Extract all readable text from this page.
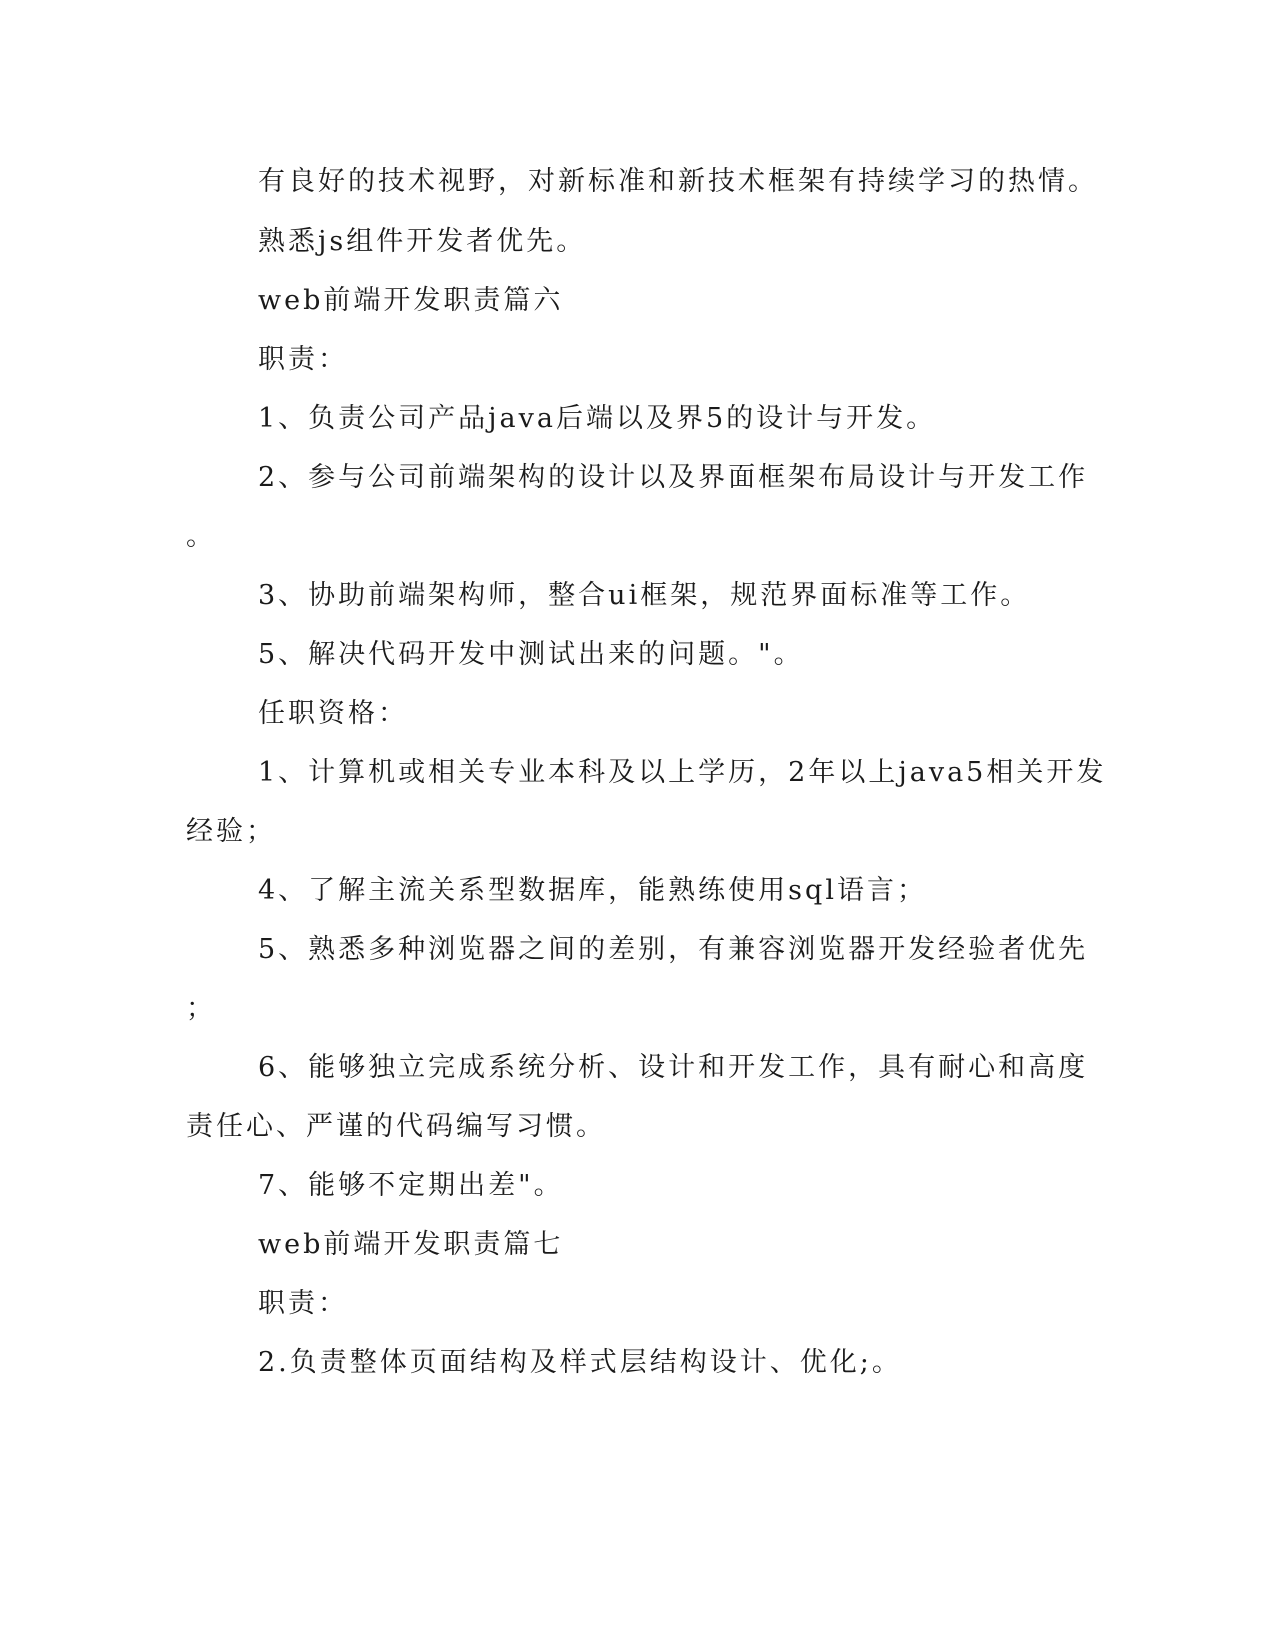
有良好的技术视野，对新标准和新技术框架有持续学习的热情。
熟悉js组件开发者优先。
web前端开发职责篇六
职责：
1、负责公司产品java后端以及界5的设计与开发。
2、参与公司前端架构的设计以及界面框架布局设计与开发工作
。
3、协助前端架构师，整合ui框架，规范界面标准等工作。
5、解决代码开发中测试出来的问题。"。
任职资格：
1、计算机或相关专业本科及以上学历，2年以上java5相关开发
经验；
4、了解主流关系型数据库，能熟练使用sql语言；
5、熟悉多种浏览器之间的差别，有兼容浏览器开发经验者优先
；
6、能够独立完成系统分析、设计和开发工作，具有耐心和高度
责任心、严谨的代码编写习惯。
7、能够不定期出差"。
web前端开发职责篇七
职责：
2.负责整体页面结构及样式层结构设计、优化;。
